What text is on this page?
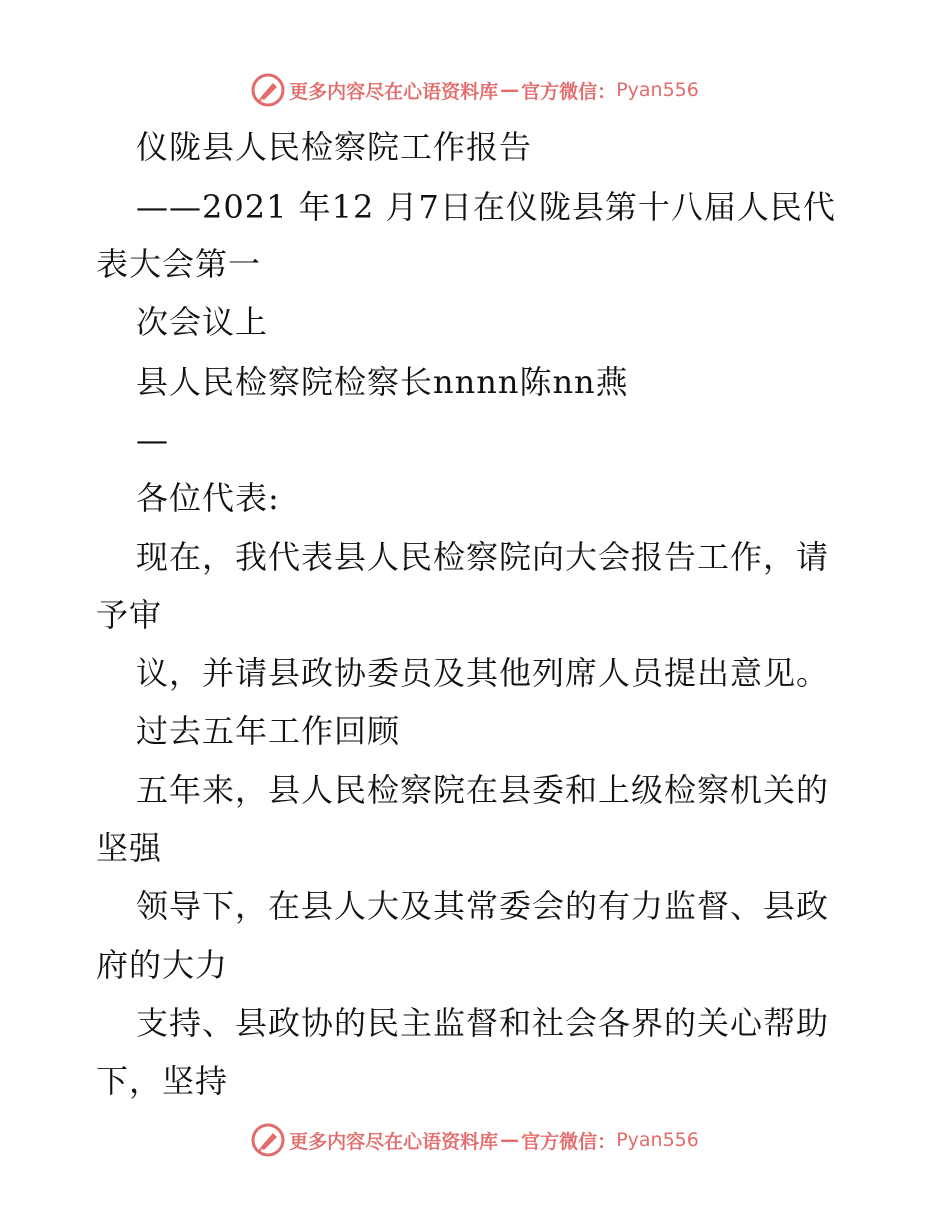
更多内容尽在心语资料库 — 官方微信： Pyan556
仪陇县人民检察院工作报告
——2021 年12 月7日在仪陇县第十八届人民代
表大会第一
次会议上
县人民检察院检察长nnnn陈nn燕
—
各位代表:
现在，我代表县人民检察院向大会报告工作，请
予审
议，并请县政协委员及其他列席人员提出意见。
过去五年工作回顾
五年来，县人民检察院在县委和上级检察机关的
坚强
领导下，在县人大及其常委会的有力监督、县政
府的大力
支持、县政协的民主监督和社会各界的关心帮助
下，坚持
更多内容尽在心语资料库 — 官方微信： Pyan556
